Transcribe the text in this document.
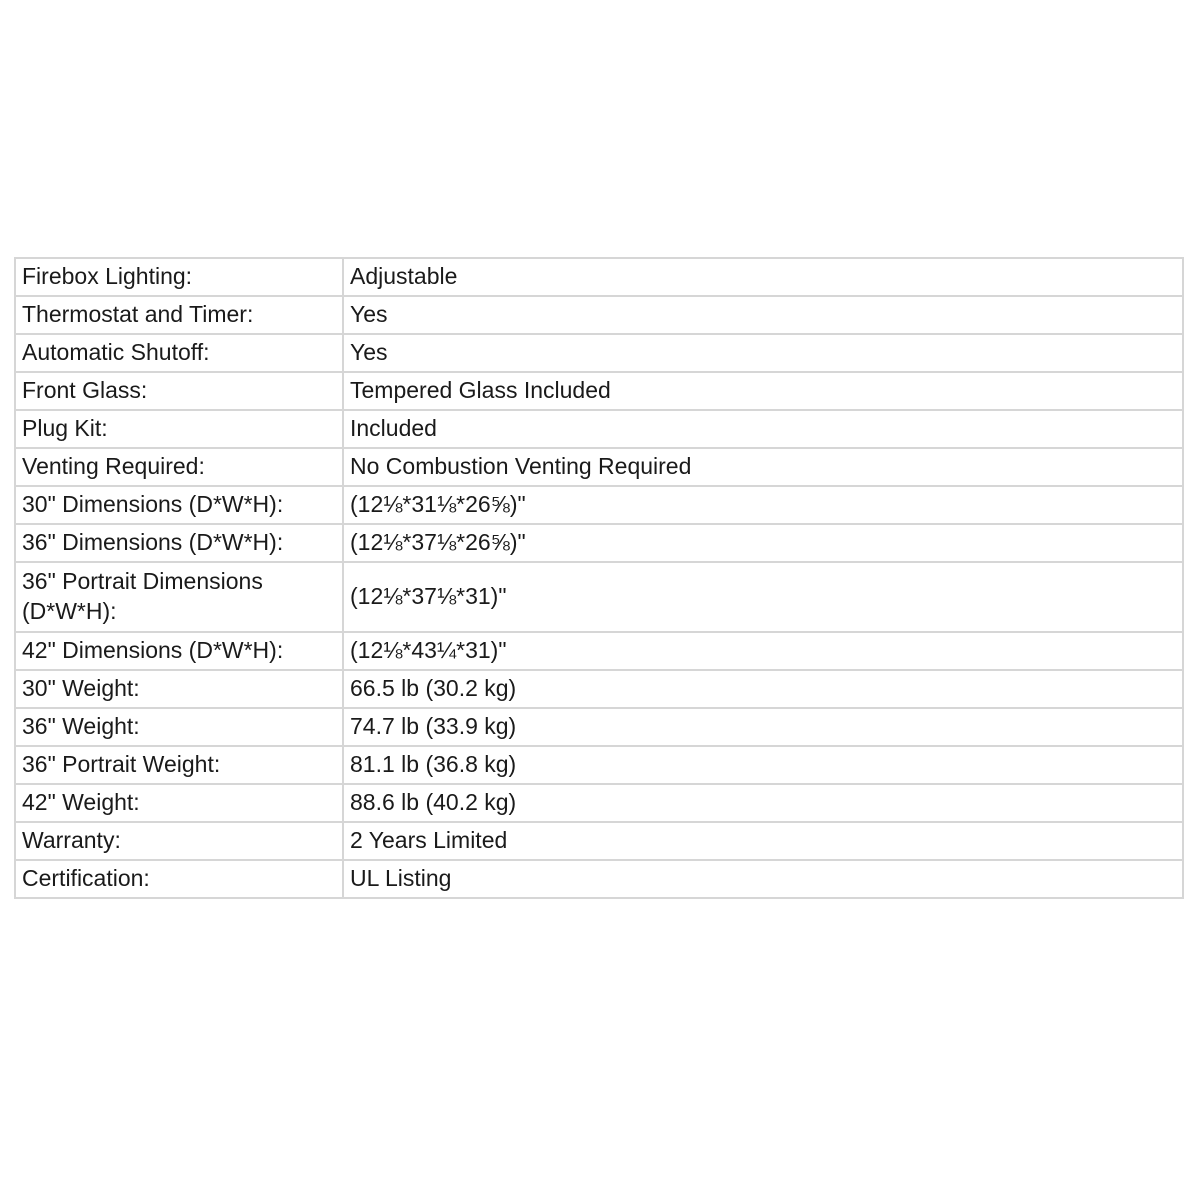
Firebox Lighting:	Adjustable
Thermostat and Timer:	Yes
Automatic Shutoff:	Yes
Front Glass:	Tempered Glass Included
Plug Kit:	Included
Venting Required:	No Combustion Venting Required
30" Dimensions (D*W*H):	(12⅛*31⅛*26⅝)"
36" Dimensions (D*W*H):	(12⅛*37⅛*26⅝)"
36" Portrait Dimensions (D*W*H):	(12⅛*37⅛*31)"
42" Dimensions (D*W*H):	(12⅛*43¼*31)"
30" Weight:	66.5 lb (30.2 kg)
36" Weight:	74.7 lb (33.9 kg)
36" Portrait Weight:	81.1 lb (36.8 kg)
42" Weight:	88.6 lb (40.2 kg)
Warranty:	2 Years Limited
Certification:	UL Listing
